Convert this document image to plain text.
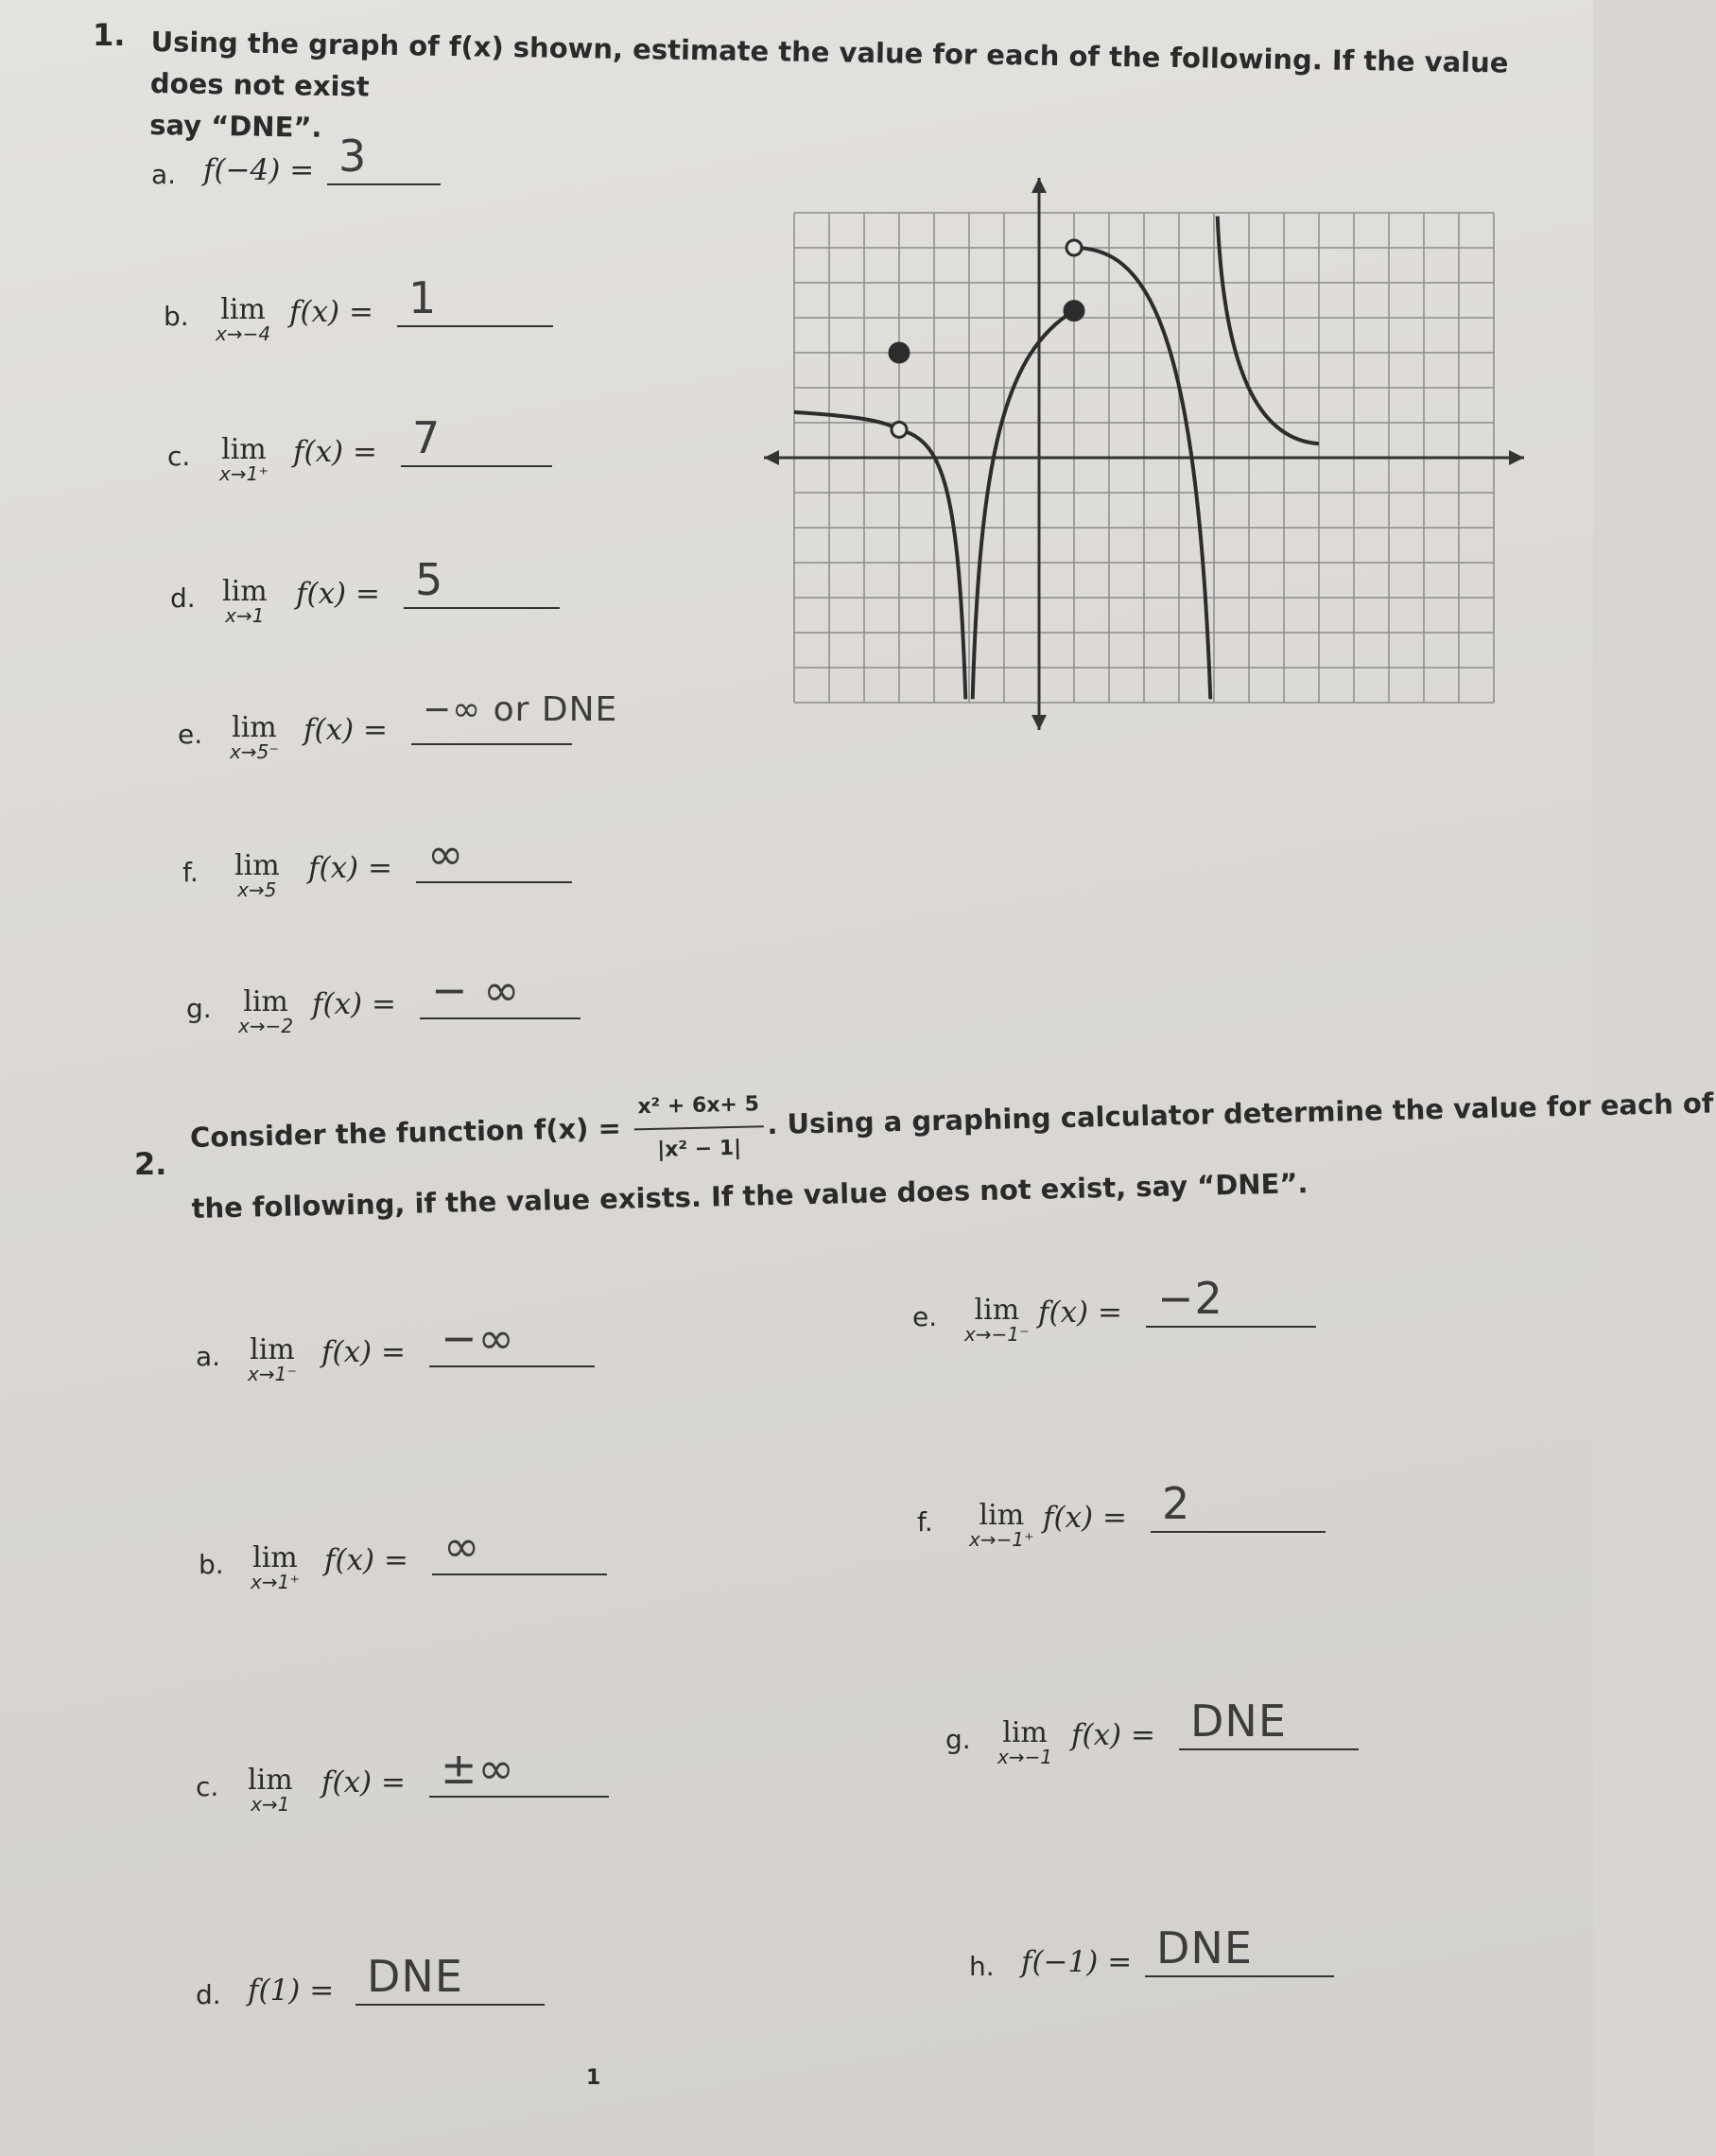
1. Using the graph of f(x) shown, estimate the value for each of the following. If the value does not exist
say “DNE”.
a. f(−4) = 3
b. lim
x→−4
f(x) = 1
c. lim
x→1⁺
f(x) = 7
d. lim
x→1
f(x) = 5
e. lim
x→5⁻
f(x) =
−∞ or DNE
f. lim
x→5
f(x) = ∞
g. lim
x→−2
f(x) = − ∞
2.
Consider the function $f(x) = \frac{\text{x² + 6x+ 5}}{\text{|x² − 1|}}$ . Using a graphing calculator determine the value for each of
the following, if the value exists. If the value does not exist, say “DNE”.
a. lim
x→1⁻
f(x) = −∞
b. lim
x→1⁺
f(x) = ∞
c. lim
x→1
f(x) = ±∞
d. f(1) = DNE
e.	lim
x→−1⁻
f(x) = −2
f.	lim
x→−1⁺
f(x) = 2
g. lim
x→−1
f(x) = DNE
h. f(−1) = DNE
1
